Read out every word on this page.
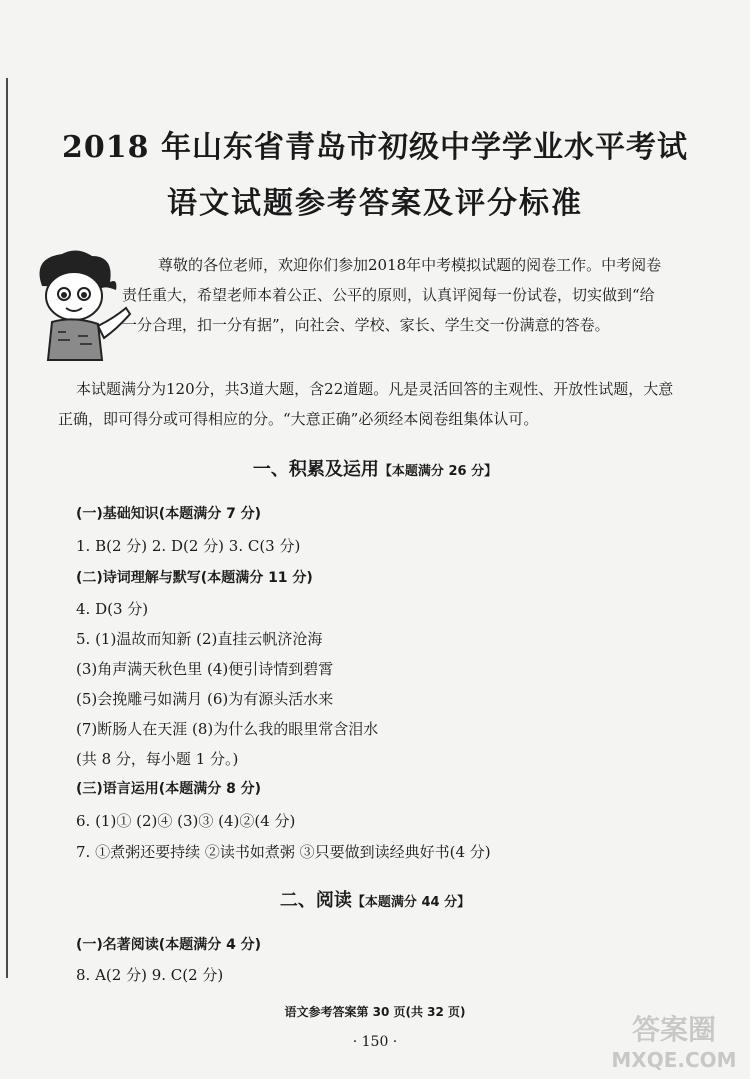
2018 年山东省青岛市初级中学学业水平考试
语文试题参考答案及评分标准
尊敬的各位老师，欢迎你们参加2018年中考模拟试题的阅卷工作。中考阅卷责任重大，希望老师本着公正、公平的原则，认真评阅每一份试卷，切实做到“给一分合理，扣一分有据”，向社会、学校、家长、学生交一份满意的答卷。
本试题满分为120分，共3道大题，含22道题。凡是灵活回答的主观性、开放性试题，大意正确，即可得分或可得相应的分。“大意正确”必须经本阅卷组集体认可。
一、积累及运用【本题满分 26 分】
(一)基础知识(本题满分 7 分)
1. B(2 分) 2. D(2 分) 3. C(3 分)
(二)诗词理解与默写(本题满分 11 分)
4. D(3 分)
5. (1)温故而知新 (2)直挂云帆济沧海
(3)角声满天秋色里 (4)便引诗情到碧霄
(5)会挽雕弓如满月 (6)为有源头活水来
(7)断肠人在天涯 (8)为什么我的眼里常含泪水
(共 8 分，每小题 1 分。)
(三)语言运用(本题满分 8 分)
6. (1)① (2)④ (3)③ (4)②(4 分)
7. ①煮粥还要持续 ②读书如煮粥 ③只要做到读经典好书(4 分)
二、阅读【本题满分 44 分】
(一)名著阅读(本题满分 4 分)
8. A(2 分) 9. C(2 分)
语文参考答案第 30 页(共 32 页)
· 150 ·	答案圈
MXQE.COM
